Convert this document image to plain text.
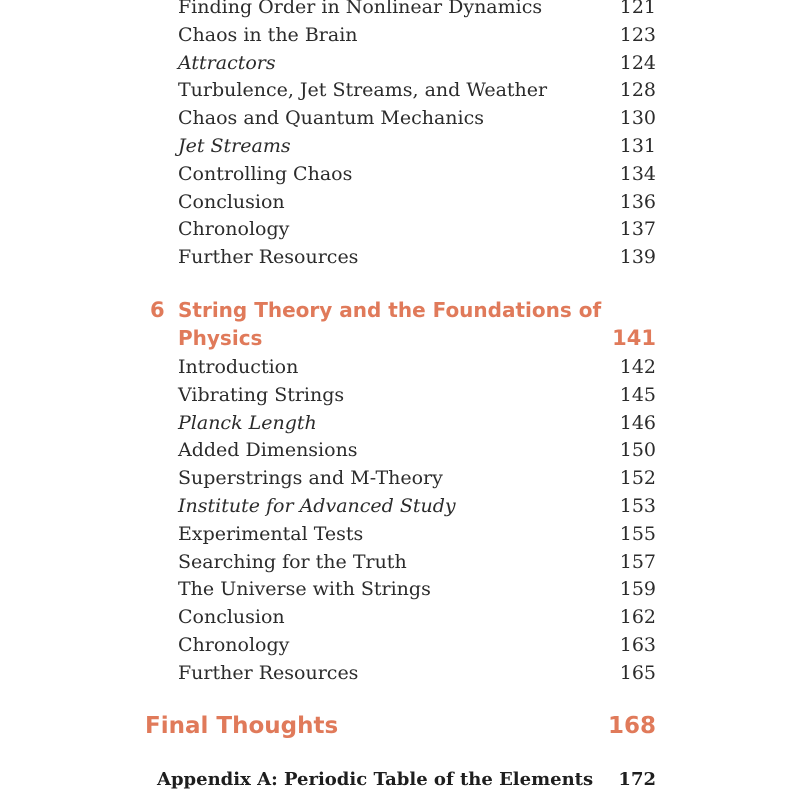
Finding Order in Nonlinear Dynamics	121
Chaos in the Brain	123
Attractors	124
Turbulence, Jet Streams, and Weather	128
Chaos and Quantum Mechanics	130
Jet Streams	131
Controlling Chaos	134
Conclusion	136
Chronology	137
Further Resources	139
6 String Theory and the Foundations of Physics	141
Introduction	142
Vibrating Strings	145
Planck Length	146
Added Dimensions	150
Superstrings and M-Theory	152
Institute for Advanced Study	153
Experimental Tests	155
Searching for the Truth	157
The Universe with Strings	159
Conclusion	162
Chronology	163
Further Resources	165
Final Thoughts	168
Appendix A: Periodic Table of the Elements 172
